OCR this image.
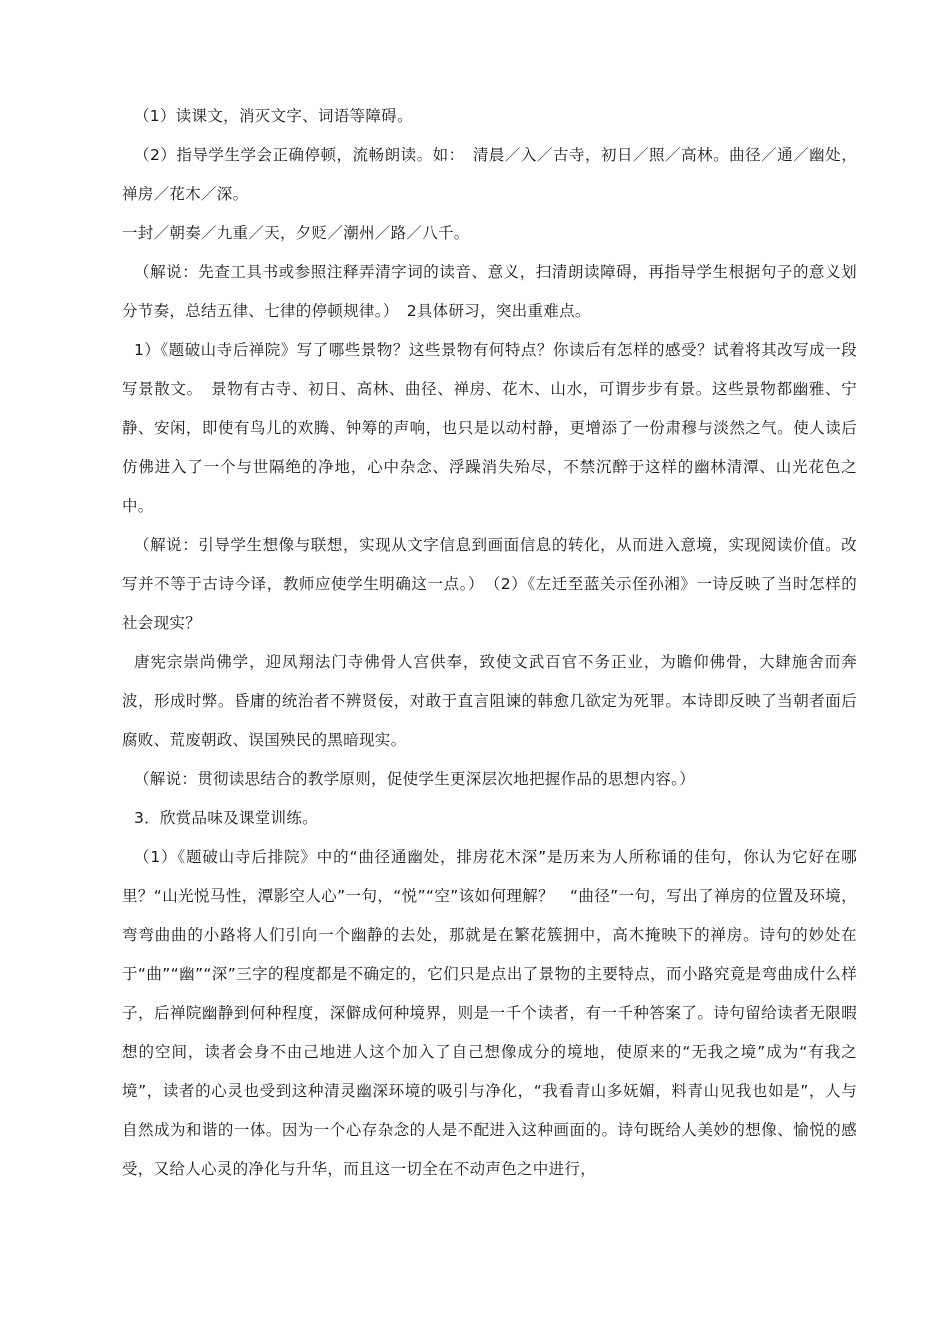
（1）读课文，消灭文字、词语等障碍。

（2）指导学生学会正确停顿，流畅朗读。如：　清晨／入／古寺，初日／照／高林。曲径／通／幽处，禅房／花木／深。

一封／朝奏／九重／天，夕贬／潮州／路／八千。

（解说：先查工具书或参照注释弄清字词的读音、意义，扫清朗读障碍，再指导学生根据句子的意义划分节奏，总结五律、七律的停顿规律。）　2具体研习，突出重难点。

1）《题破山寺后禅院》写了哪些景物？这些景物有何特点？你读后有怎样的感受？试着将其改写成一段写景散文。　景物有古寺、初日、高林、曲径、禅房、花木、山水，可谓步步有景。这些景物都幽雅、宁静、安闲，即使有鸟儿的欢腾、钟筹的声响，也只是以动村静，更增添了一份肃穆与淡然之气。使人读后仿佛进入了一个与世隔绝的净地，心中杂念、浮躁消失殆尽，不禁沉醉于这样的幽林清潭、山光花色之中。

（解说：引导学生想像与联想，实现从文字信息到画面信息的转化，从而进入意境，实现阅读价值。改写并不等于古诗今译，教师应使学生明确这一点。）　（2）《左迁至蓝关示侄孙湘》一诗反映了当时怎样的社会现实？

唐宪宗崇尚佛学，迎凤翔法门寺佛骨人宫供奉，致使文武百官不务正业，为瞻仰佛骨，大肆施舍而奔波，形成时弊。昏庸的统治者不辨贤佞，对敢于直言阻谏的韩愈几欲定为死罪。本诗即反映了当朝者面后腐败、荒废朝政、误国殃民的黑暗现实。

（解说：贯彻读思结合的教学原则，促使学生更深层次地把握作品的思想内容。）

3．欣赏品味及课堂训练。

（1）《题破山寺后排院》中的“曲径通幽处，排房花木深”是历来为人所称诵的佳句，你认为它好在哪里？“山光悦马性，潭影空人心”一句，“悦”“空”该如何理解？　“曲径”一句，写出了禅房的位置及环境，弯弯曲曲的小路将人们引向一个幽静的去处，那就是在繁花簇拥中，高木掩映下的禅房。诗句的妙处在于“曲”“幽”“深”三字的程度都是不确定的，它们只是点出了景物的主要特点，而小路究竟是弯曲成什么样子，后禅院幽静到何种程度，深僻成何种境界，则是一千个读者，有一千种答案了。诗句留给读者无限暇想的空间，读者会身不由己地进人这个加入了自己想像成分的境地，使原来的“无我之境”成为“有我之境”，读者的心灵也受到这种清灵幽深环境的吸引与净化，“我看青山多妩媚，料青山见我也如是”，人与自然成为和谐的一体。因为一个心存杂念的人是不配进入这种画面的。诗句既给人美妙的想像、愉悦的感受，又给人心灵的净化与升华，而且这一切全在不动声色之中进行，
